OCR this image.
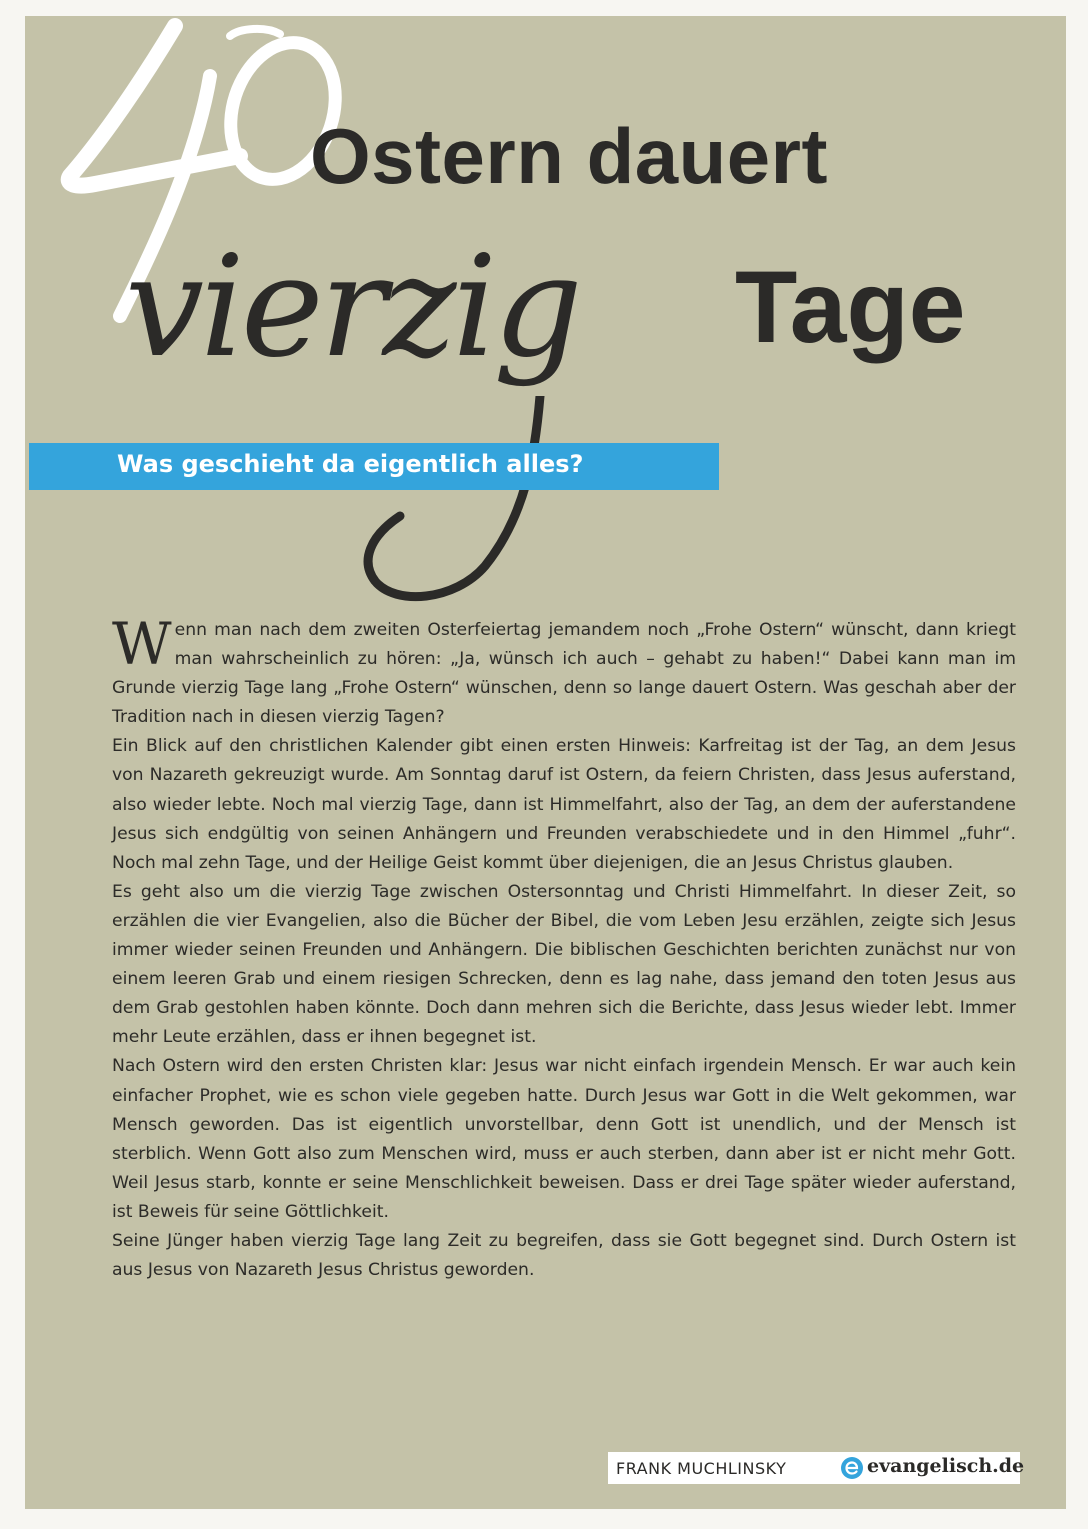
Ostern dauert
vierzig Tage
Was geschieht da eigentlich alles?

Wenn man nach dem zweiten Osterfeiertag jemandem noch „Frohe Ostern“ wünscht, dann kriegt man wahrscheinlich zu hören: „Ja, wünsch ich auch – gehabt zu haben!“ Dabei kann man im Grunde vierzig Tage lang „Frohe Ostern“ wünschen, denn so lange dauert Ostern. Was geschah aber der Tradition nach in diesen vierzig Tagen?

Ein Blick auf den christlichen Kalender gibt einen ersten Hinweis: Karfreitag ist der Tag, an dem Jesus von Nazareth gekreuzigt wurde. Am Sonntag daruf ist Ostern, da feiern Christen, dass Jesus auferstand, also wieder lebte. Noch mal vierzig Tage, dann ist Himmelfahrt, also der Tag, an dem der auferstandene Jesus sich endgültig von seinen Anhängern und Freunden verabschiedete und in den Himmel „fuhr“. Noch mal zehn Tage, und der Heilige Geist kommt über diejenigen, die an Jesus Christus glauben.

Es geht also um die vierzig Tage zwischen Ostersonntag und Christi Himmelfahrt. In dieser Zeit, so erzählen die vier Evangelien, also die Bücher der Bibel, die vom Leben Jesu erzählen, zeigte sich Jesus immer wieder seinen Freunden und Anhängern. Die biblischen Geschichten berichten zunächst nur von einem leeren Grab und einem riesigen Schrecken, denn es lag nahe, dass jemand den toten Jesus aus dem Grab gestohlen haben könnte. Doch dann mehren sich die Berichte, dass Jesus wieder lebt. Immer mehr Leute erzählen, dass er ihnen begegnet ist.

Nach Ostern wird den ersten Christen klar: Jesus war nicht einfach irgendein Mensch. Er war auch kein einfacher Prophet, wie es schon viele gegeben hatte. Durch Jesus war Gott in die Welt gekommen, war Mensch geworden. Das ist eigentlich unvorstellbar, denn Gott ist unendlich, und der Mensch ist sterblich. Wenn Gott also zum Menschen wird, muss er auch sterben, dann aber ist er nicht mehr Gott. Weil Jesus starb, konnte er seine Menschlichkeit beweisen. Dass er drei Tage später wieder auferstand, ist Beweis für seine Göttlichkeit.

Seine Jünger haben vierzig Tage lang Zeit zu begreifen, dass sie Gott begegnet sind. Durch Ostern ist aus Jesus von Nazareth Jesus Christus geworden.

FRANK MUCHLINSKY	evangelisch.de
